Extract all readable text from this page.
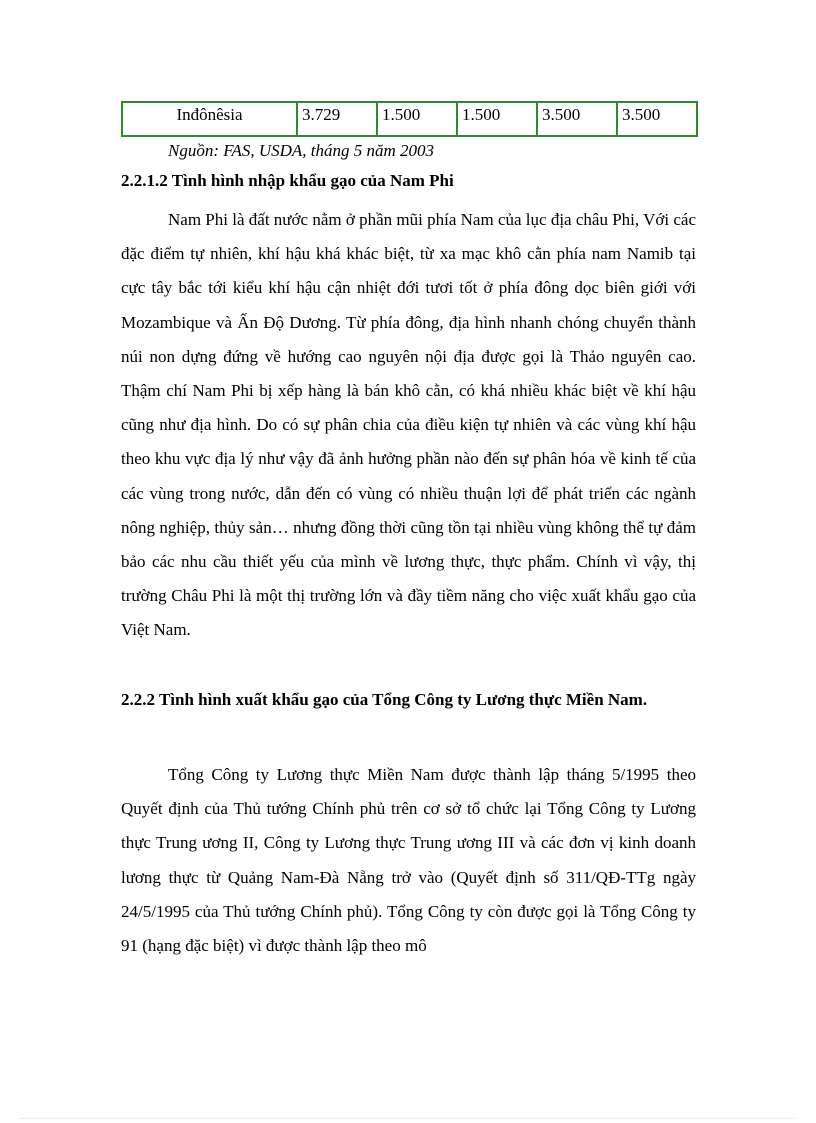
Inđônêsia	3.729	1.500	1.500	3.500	3.500
Nguồn: FAS, USDA, tháng 5 năm 2003
2.2.1.2 Tình hình nhập khẩu gạo của Nam Phi

Nam Phi là đất nước nằm ở phần mũi phía Nam của lục địa châu Phi, Với các đặc điểm tự nhiên, khí hậu khá khác biệt, từ xa mạc khô cằn phía nam Namib tại cực tây bắc tới kiểu khí hậu cận nhiệt đới tươi tốt ở phía đông dọc biên giới với Mozambique và Ấn Độ Dương. Từ phía đông, địa hình nhanh chóng chuyển thành núi non dựng đứng về hướng cao nguyên nội địa được gọi là Thảo nguyên cao. Thậm chí Nam Phi bị xếp hàng là bán khô cằn, có khá nhiều khác biệt về khí hậu cũng như địa hình. Do có sự phân chia của điều kiện tự nhiên và các vùng khí hậu theo khu vực địa lý như vậy đã ảnh hưởng phần nào đến sự phân hóa về kinh tế của các vùng trong nước, dẫn đến có vùng có nhiều thuận lợi để phát triển các ngành nông nghiệp, thủy sản… nhưng đồng thời cũng tồn tại nhiều vùng không thể tự đảm bảo các nhu cầu thiết yếu của mình về lương thực, thực phẩm. Chính vì vậy, thị trường Châu Phi là một thị trường lớn và đầy tiềm năng cho việc xuất khẩu gạo của Việt Nam.

2.2.2 Tình hình xuất khẩu gạo của Tổng Công ty Lương thực Miền Nam.

Tổng Công ty Lương thực Miền Nam được thành lập tháng 5/1995 theo Quyết định của Thủ tướng Chính phủ trên cơ sở tổ chức lại Tổng Công ty Lương thực Trung ương II, Công ty Lương thực Trung ương III và các đơn vị kinh doanh lương thực từ Quảng Nam-Đà Nẵng trở vào (Quyết định số 311/QĐ-TTg ngày 24/5/1995 của Thủ tướng Chính phủ). Tổng Công ty còn được gọi là Tổng Công ty 91 (hạng đặc biệt) vì được thành lập theo mô
